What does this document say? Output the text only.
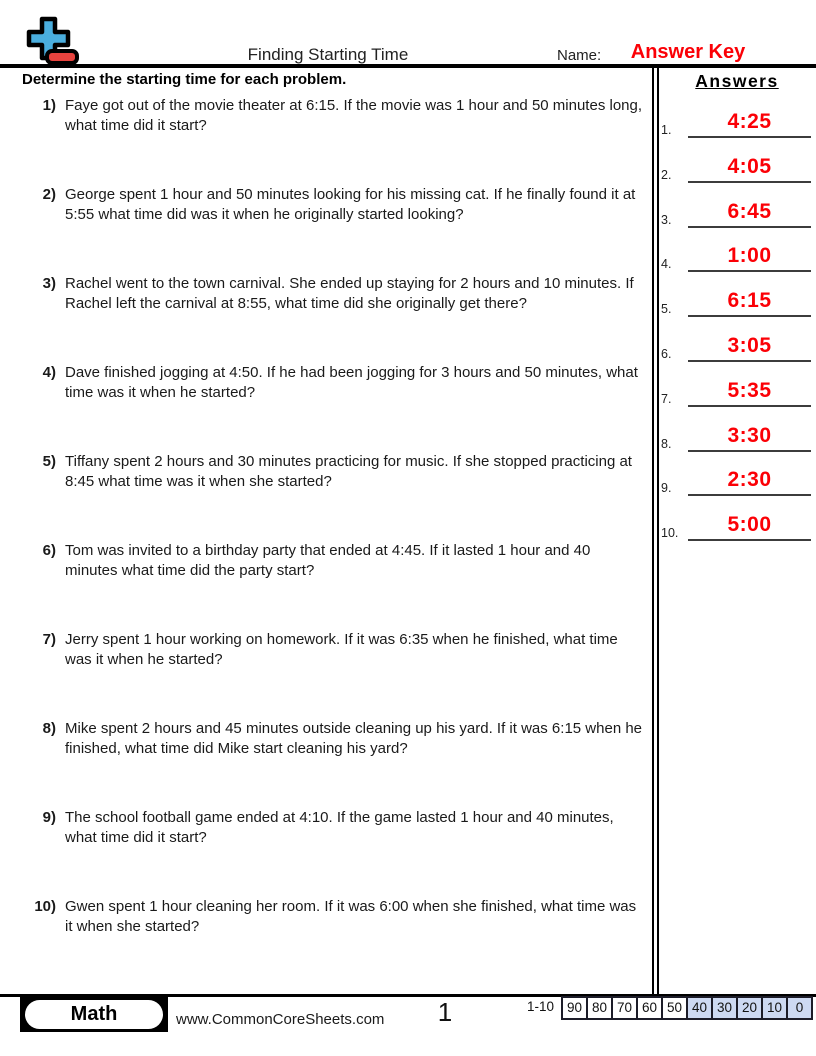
Finding Starting Time	Name:	Answer Key
Determine the starting time for each problem.
1) Faye got out of the movie theater at 6:15. If the movie was 1 hour and 50 minutes long, what time did it start?
2) George spent 1 hour and 50 minutes looking for his missing cat. If he finally found it at 5:55 what time did was it when he originally started looking?
3) Rachel went to the town carnival. She ended up staying for 2 hours and 10 minutes. If Rachel left the carnival at 8:55, what time did she originally get there?
4) Dave finished jogging at 4:50. If he had been jogging for 3 hours and 50 minutes, what time was it when he started?
5) Tiffany spent 2 hours and 30 minutes practicing for music. If she stopped practicing at 8:45 what time was it when she started?
6) Tom was invited to a birthday party that ended at 4:45. If it lasted 1 hour and 40 minutes what time did the party start?
7) Jerry spent 1 hour working on homework. If it was 6:35 when he finished, what time was it when he started?
8) Mike spent 2 hours and 45 minutes outside cleaning up his yard. If it was 6:15 when he finished, what time did Mike start cleaning his yard?
9) The school football game ended at 4:10. If the game lasted 1 hour and 40 minutes, what time did it start?
10) Gwen spent 1 hour cleaning her room. If it was 6:00 when she finished, what time was it when she started?
Answers
1.	4:25
2.	4:05
3.	6:45
4.	1:00
5.	6:15
6.	3:05
7.	5:35
8.	3:30
9.	2:30
10.	5:00
Math	www.CommonCoreSheets.com	1	1-10 90 80 70 60 50 40 30 20 10	0
